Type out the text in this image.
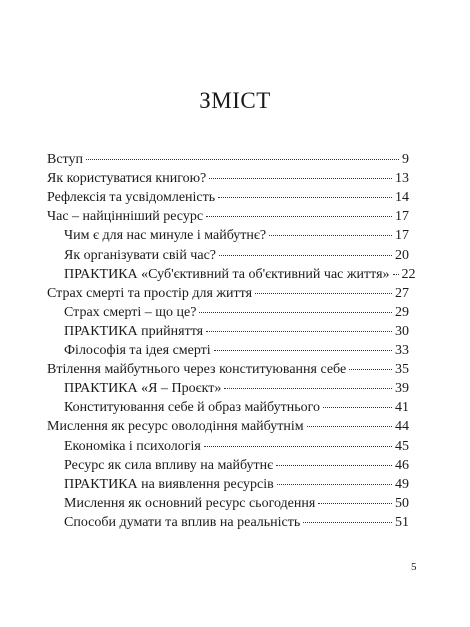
ЗМІСТ
Вступ	9
Як користуватися книгою?	13
Рефлексія та усвідомленість	14
Час – найцінніший ресурс	17
Чим є для нас минуле і майбутнє?	17
Як організувати свій час?	20
ПРАКТИКА «Суб'єктивний та об'єктивний час життя» 22
Страх смерті та простір для життя	27
Страх смерті – що це?	29
ПРАКТИКА прийняття	30
Філософія та ідея смерті	33
Втілення майбутнього через конституювання себе	35
ПРАКТИКА «Я – Проєкт»	39
Конституювання себе й образ майбутнього	41
Мислення як ресурс оволодіння майбутнім	44
Економіка і психологія	45
Ресурс як сила впливу на майбутнє	46
ПРАКТИКА на виявлення ресурсів	49
Мислення як основний ресурс сьогодення	50
Способи думати та вплив на реальність	51
5
